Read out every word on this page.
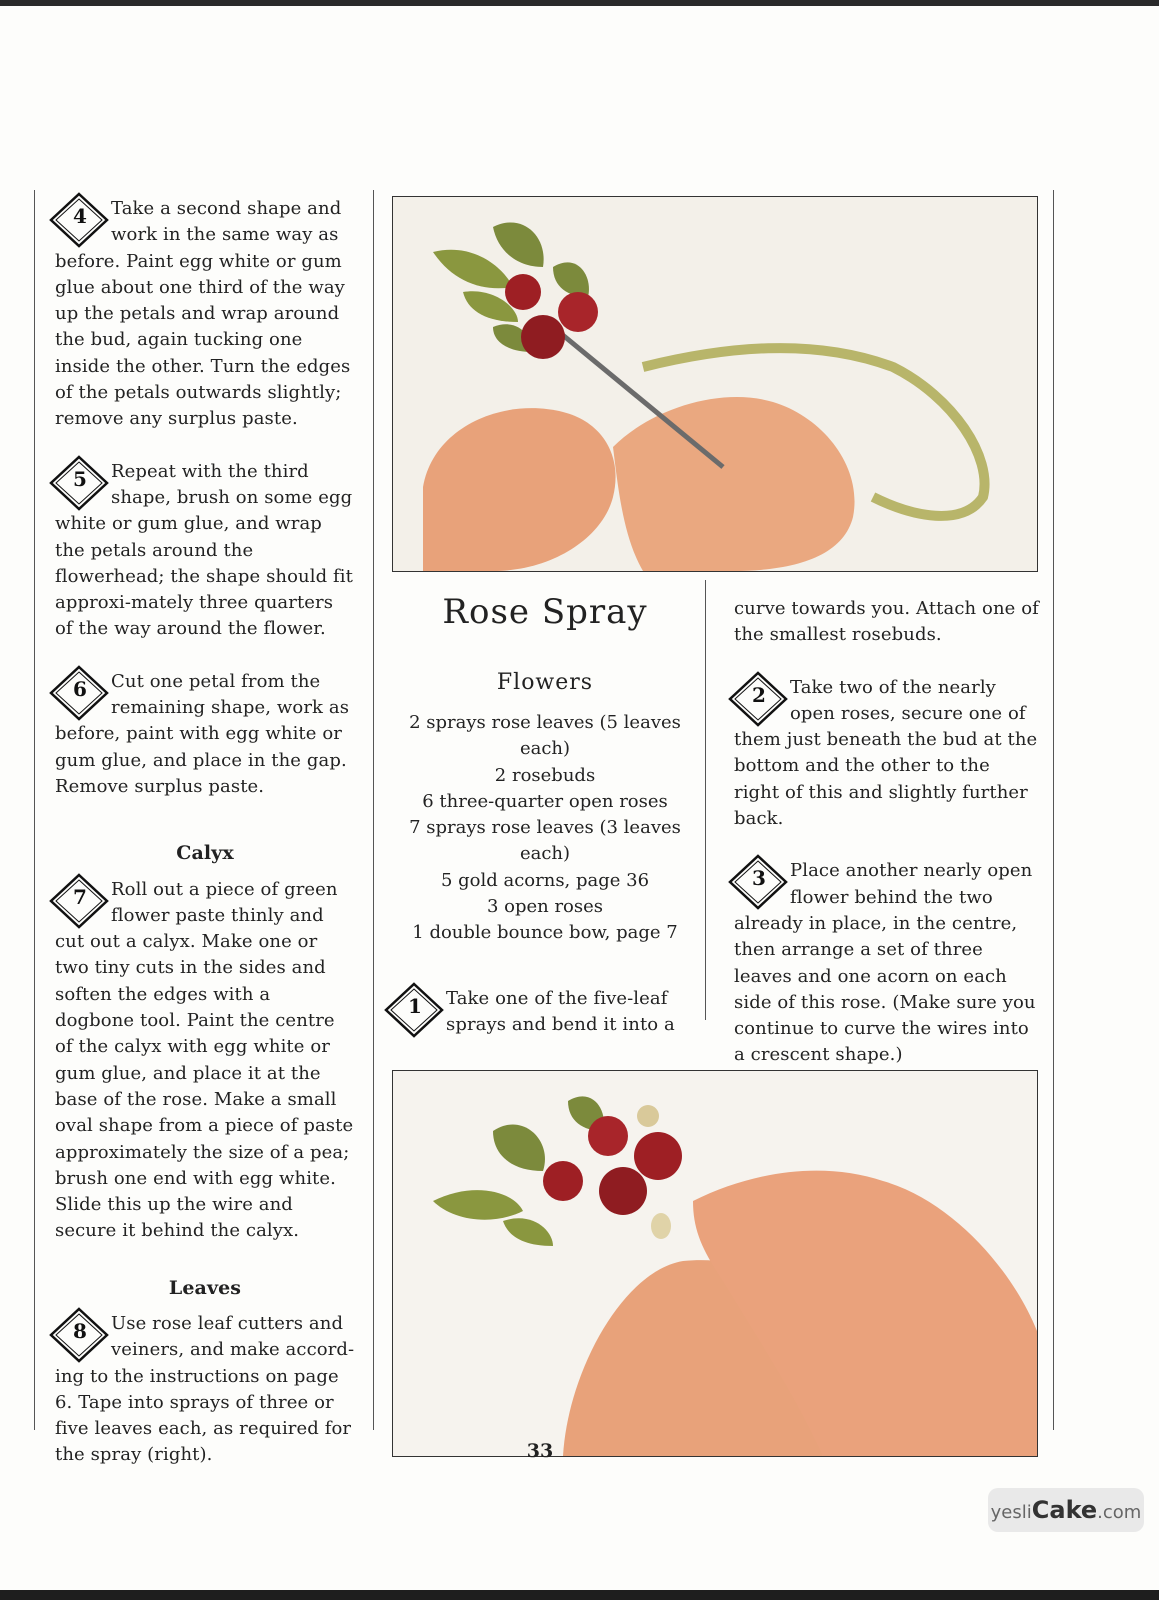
4	Take a second shape and work in the same way as before. Paint egg white or gum glue about one third of the way up the petals and wrap around the bud, again tucking one inside the other. Turn the edges of the petals outwards slightly; remove any surplus paste.

5	Repeat with the third shape, brush on some egg white or gum glue, and wrap the petals around the flowerhead; the shape should fit approxi-mately three quarters of the way around the flower.

6	Cut one petal from the remaining shape, work as before, paint with egg white or gum glue, and place in the gap. Remove surplus paste.

Calyx

7	Roll out a piece of green flower paste thinly and cut out a calyx. Make one or two tiny cuts in the sides and soften the edges with a dogbone tool. Paint the centre of the calyx with egg white or gum glue, and place it at the base of the rose. Make a small oval shape from a piece of paste approximately the size of a pea; brush one end with egg white. Slide this up the wire and secure it behind the calyx.

Leaves

8	Use rose leaf cutters and veiners, and make accord-ing to the instructions on page 6. Tape into sprays of three or five leaves each, as required for the spray (right).

Rose Spray
Flowers
2 sprays rose leaves (5 leaves each)
2 rosebuds
6 three-quarter open roses
7 sprays rose leaves (3 leaves each)
5 gold acorns, page 36
3 open roses
1 double bounce bow, page 7

1	Take one of the five-leaf sprays and bend it into a

curve towards you. Attach one of the smallest rosebuds.

2	Take two of the nearly open roses, secure one of them just beneath the bud at the bottom and the other to the right of this and slightly further back.

3	Place another nearly open flower behind the two already in place, in the centre, then arrange a set of three leaves and one acorn on each side of this rose. (Make sure you continue to curve the wires into a crescent shape.)

33
yesliCake.com
